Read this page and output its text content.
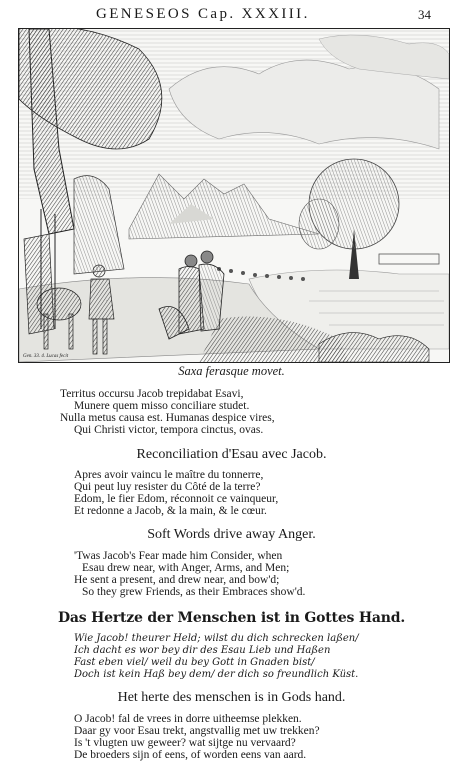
GENESEOS Cap. XXXIII.	34
Gen. 33. 4. Lucas fecit
Saxa ferasque movet.
Territus occursu Jacob trepidabat Esavi,
Munere quem misso conciliare studet.
Nulla metus causa est. Humanas despice vires,
Qui Christi victor, tempora cinctus, ovas.
Reconciliation d'Esau avec Jacob.
Apres avoir vaincu le maître du tonnerre,
Qui peut luy resister du Côté de la terre?
Edom, le fier Edom, réconnoit ce vainqueur,
Et redonne a Jacob, & la main, & le cœur.
Soft Words drive away Anger.
'Twas Jacob's Fear made him Consider, when
Esau drew near, with Anger, Arms, and Men;
He sent a present, and drew near, and bow'd;
So they grew Friends, as their Embraces show'd.
Das Hertze der Menschen ist in Gottes Hand.
Wie Jacob! theurer Held; wilst du dich schrecken laßen/
Ich dacht es wor bey dir des Esau Lieb und Haßen
Fast eben viel/ weil du bey Gott in Gnaden bist/
Doch ist kein Haß bey dem/ der dich so freundlich Küst.
Het herte des menschen is in Gods hand.
O Jacob! fal de vrees in dorre uitheemse plekken.
Daar gy voor Esau trekt, angstvallig met uw trekken?
Is 't vlugten uw geweer? wat sijtge nu vervaard?
De broeders sijn of eens, of worden eens van aard.
